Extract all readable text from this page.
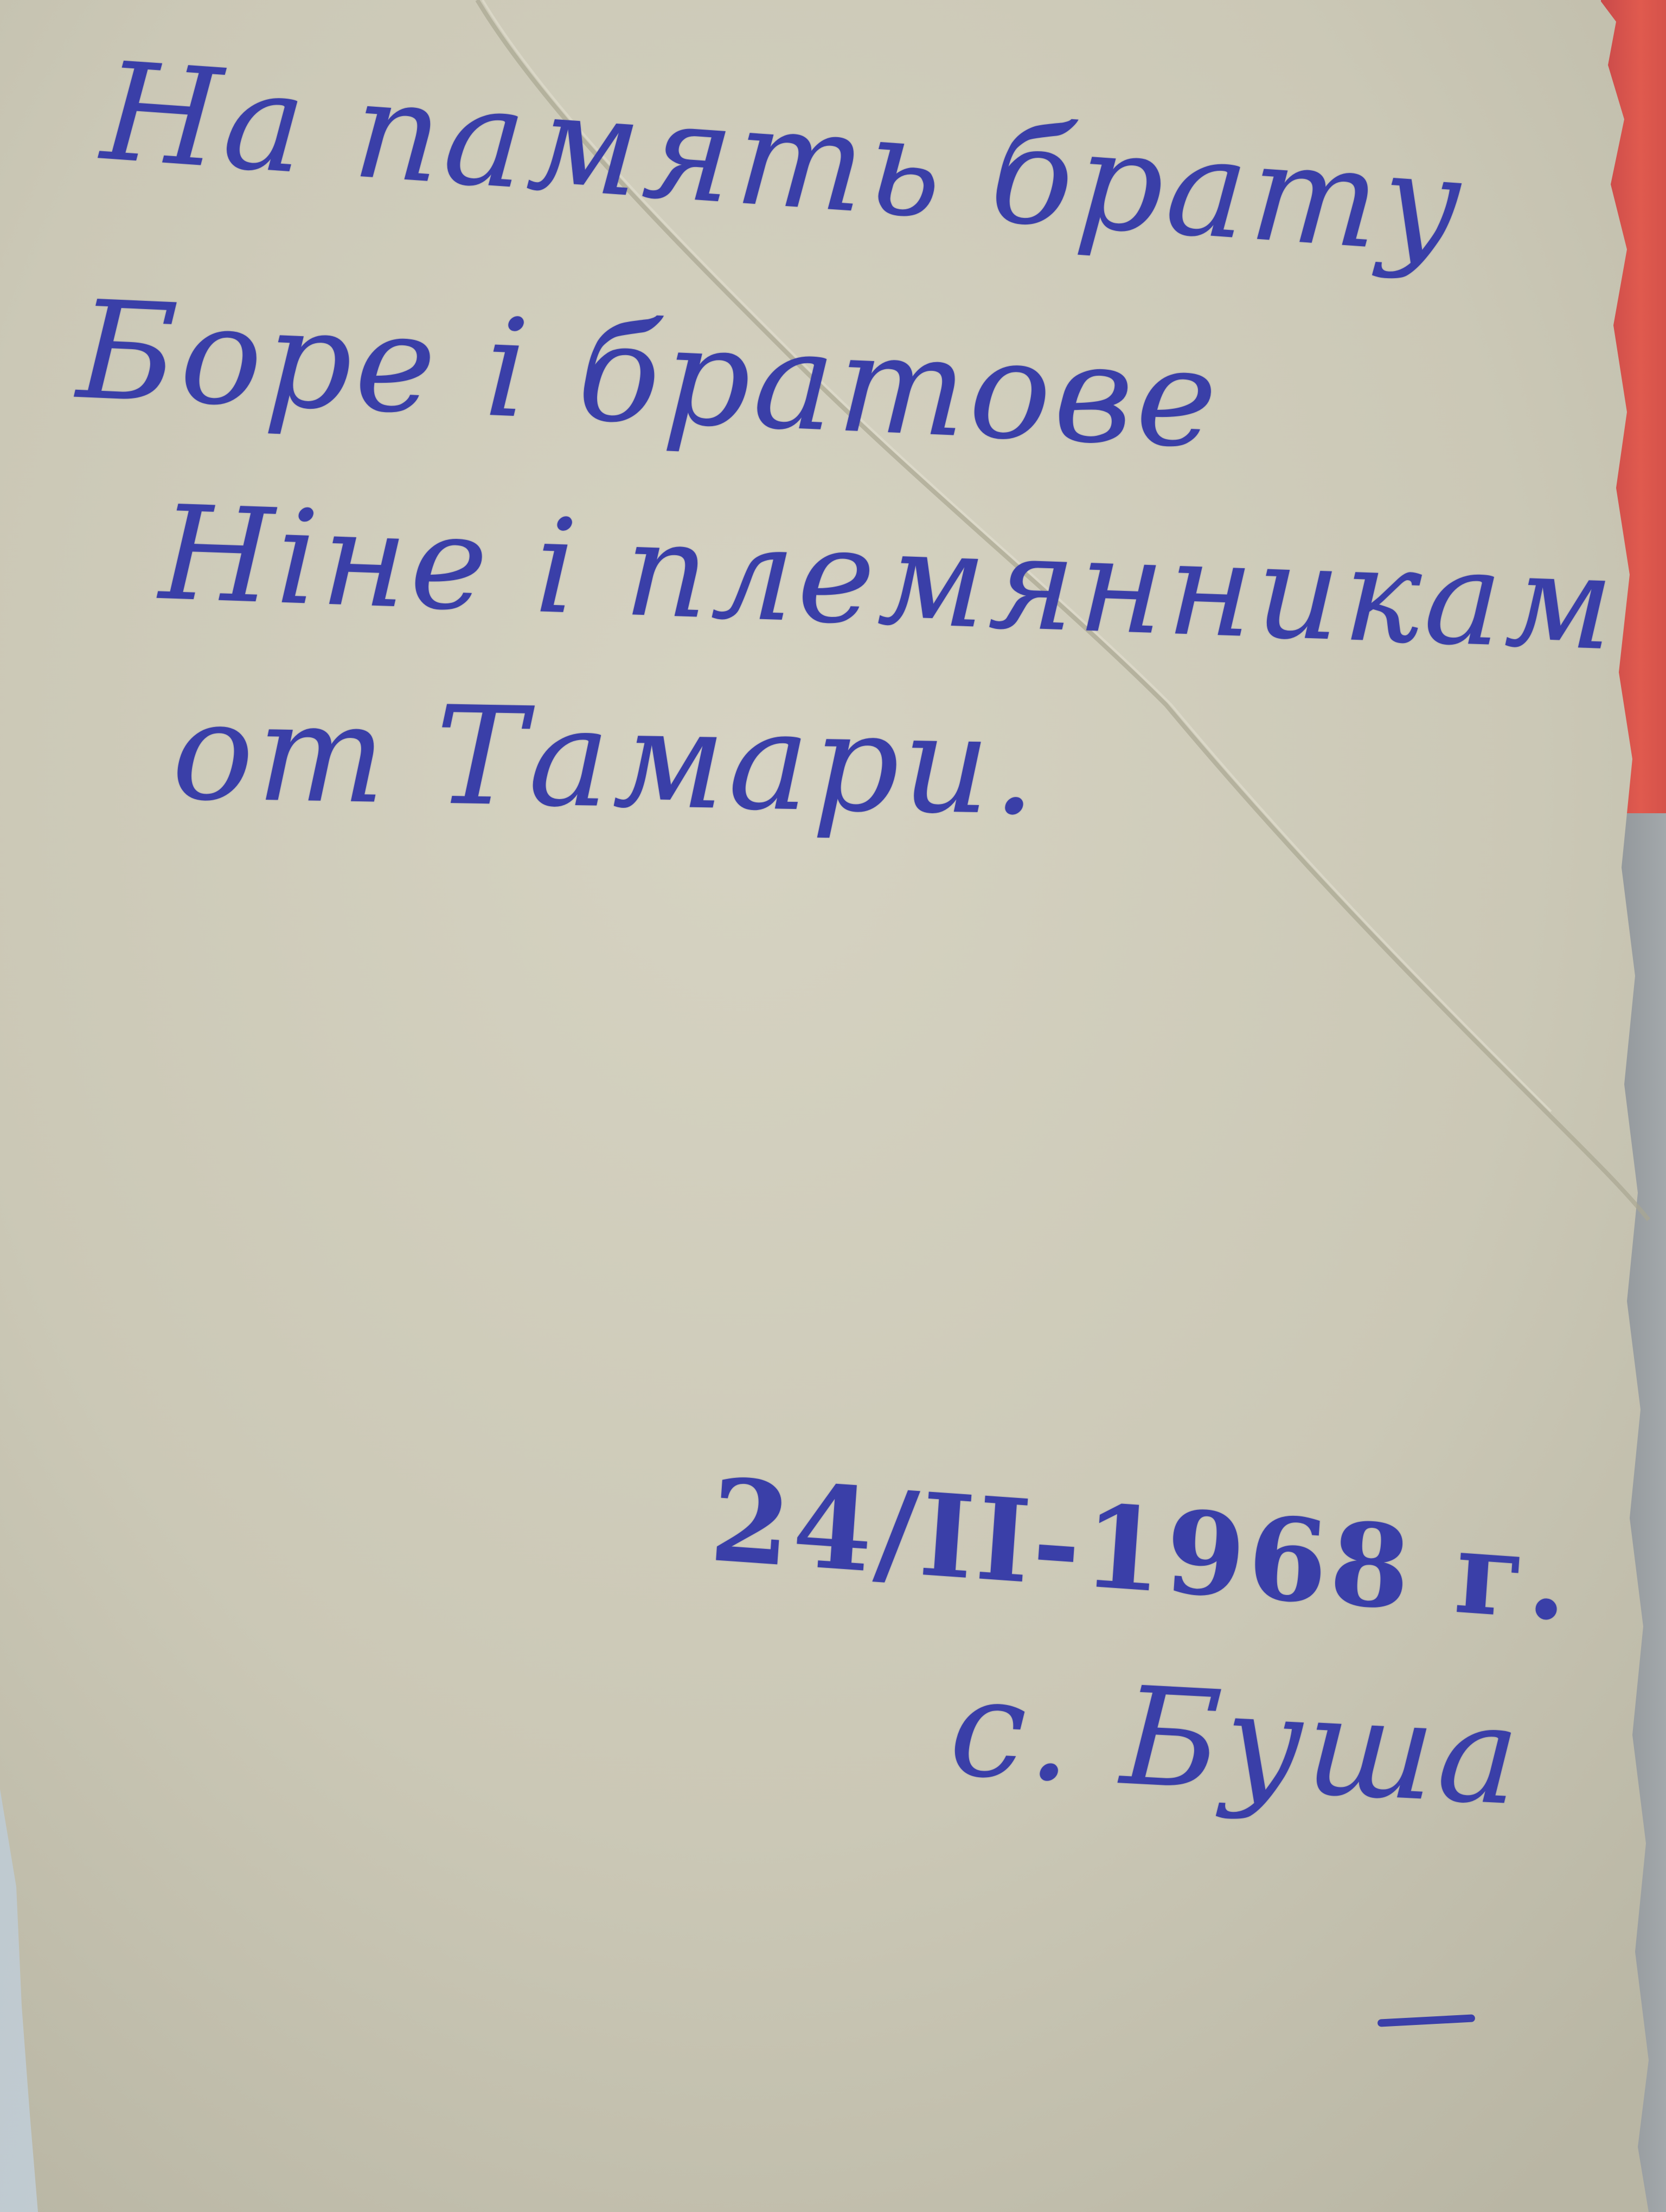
На память брату
Боре і братове
Ніне і племянникам
от Тамари.
24/II-1968 г.
с. Буша
